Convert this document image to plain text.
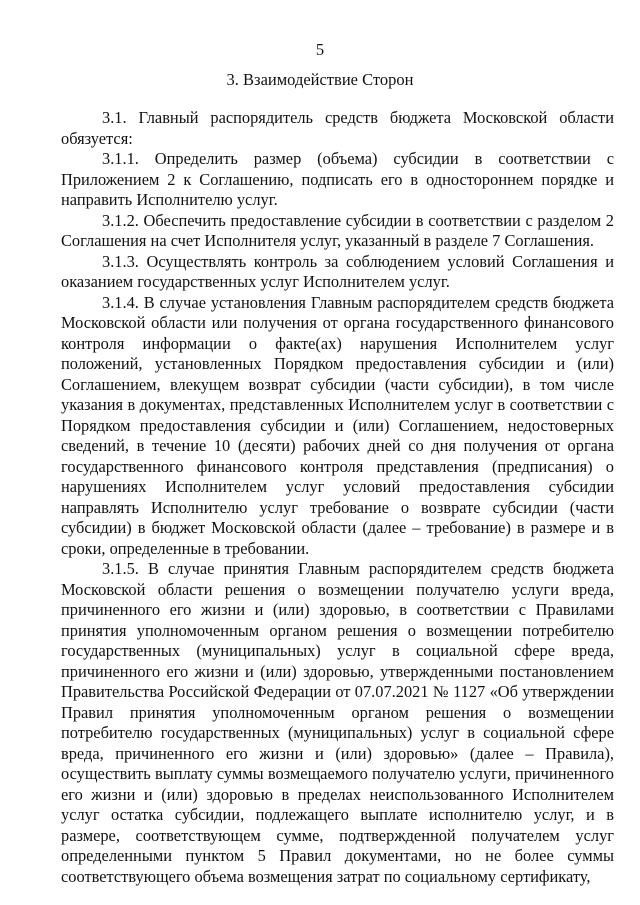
5
3. Взаимодействие Сторон

3.1. Главный распорядитель средств бюджета Московской области обязуется:

3.1.1. Определить размер (объема) субсидии в соответствии с Приложением 2 к Соглашению, подписать его в одностороннем порядке и направить Исполнителю услуг.

3.1.2. Обеспечить предоставление субсидии в соответствии с разделом 2 Соглашения на счет Исполнителя услуг, указанный в разделе 7 Соглашения.

3.1.3. Осуществлять контроль за соблюдением условий Соглашения и оказанием государственных услуг Исполнителем услуг.

3.1.4. В случае установления Главным распорядителем средств бюджета Московской области или получения от органа государственного финансового контроля информации о факте(ах) нарушения Исполнителем услуг положений, установленных Порядком предоставления субсидии и (или) Соглашением, влекущем возврат субсидии (части субсидии), в том числе указания в документах, представленных Исполнителем услуг в соответствии с Порядком предоставления субсидии и (или) Соглашением, недостоверных сведений, в течение 10 (десяти) рабочих дней со дня получения от органа государственного финансового контроля представления (предписания) о нарушениях Исполнителем услуг условий предоставления субсидии направлять Исполнителю услуг требование о возврате субсидии (части субсидии) в бюджет Московской области (далее – требование) в размере и в сроки, определенные в требовании.

3.1.5. В случае принятия Главным распорядителем средств бюджета Московской области решения о возмещении получателю услуги вреда, причиненного его жизни и (или) здоровью, в соответствии с Правилами принятия уполномоченным органом решения о возмещении потребителю государственных (муниципальных) услуг в социальной сфере вреда, причиненного его жизни и (или) здоровью, утвержденными постановлением Правительства Российской Федерации от 07.07.2021 № 1127 «Об утверждении Правил принятия уполномоченным органом решения о возмещении потребителю государственных (муниципальных) услуг в социальной сфере вреда, причиненного его жизни и (или) здоровью» (далее – Правила), осуществить выплату суммы возмещаемого получателю услуги, причиненного его жизни и (или) здоровью в пределах неиспользованного Исполнителем услуг остатка субсидии, подлежащего выплате исполнителю услуг, и в размере, соответствующем сумме, подтвержденной получателем услуг определенными пунктом 5 Правил документами, но не более суммы соответствующего объема возмещения затрат по социальному сертификату,
